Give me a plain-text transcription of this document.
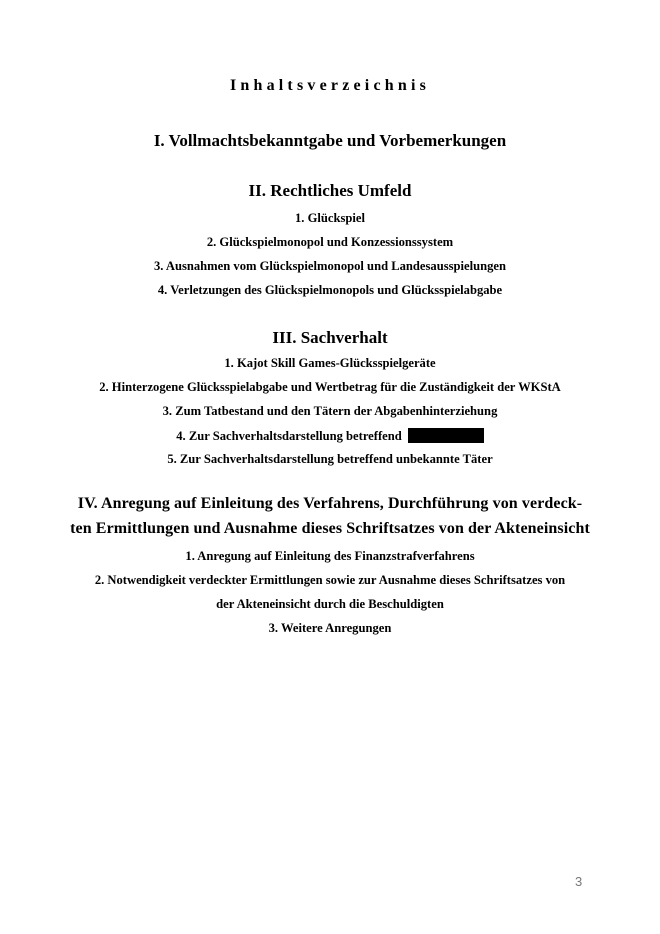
Inhaltsverzeichnis
I. Vollmachtsbekanntgabe und Vorbemerkungen
II. Rechtliches Umfeld
1. Glückspiel
2. Glückspielmonopol und Konzessionssystem
3. Ausnahmen vom Glückspielmonopol und Landesausspielungen
4. Verletzungen des Glückspielmonopols und Glücksspielabgabe
III. Sachverhalt
1. Kajot Skill Games-Glücksspielgeräte
2. Hinterzogene Glücksspielabgabe und Wertbetrag für die Zuständigkeit der WKStA
3. Zum Tatbestand und den Tätern der Abgabenhinterziehung
4. Zur Sachverhaltsdarstellung betreffend
5. Zur Sachverhaltsdarstellung betreffend unbekannte Täter
IV. Anregung auf Einleitung des Verfahrens, Durchführung von verdeck-
ten Ermittlungen und Ausnahme dieses Schriftsatzes von der Akteneinsicht
1. Anregung auf Einleitung des Finanzstrafverfahrens
2. Notwendigkeit verdeckter Ermittlungen sowie zur Ausnahme dieses Schriftsatzes von
der Akteneinsicht durch die Beschuldigten
3. Weitere Anregungen
3
